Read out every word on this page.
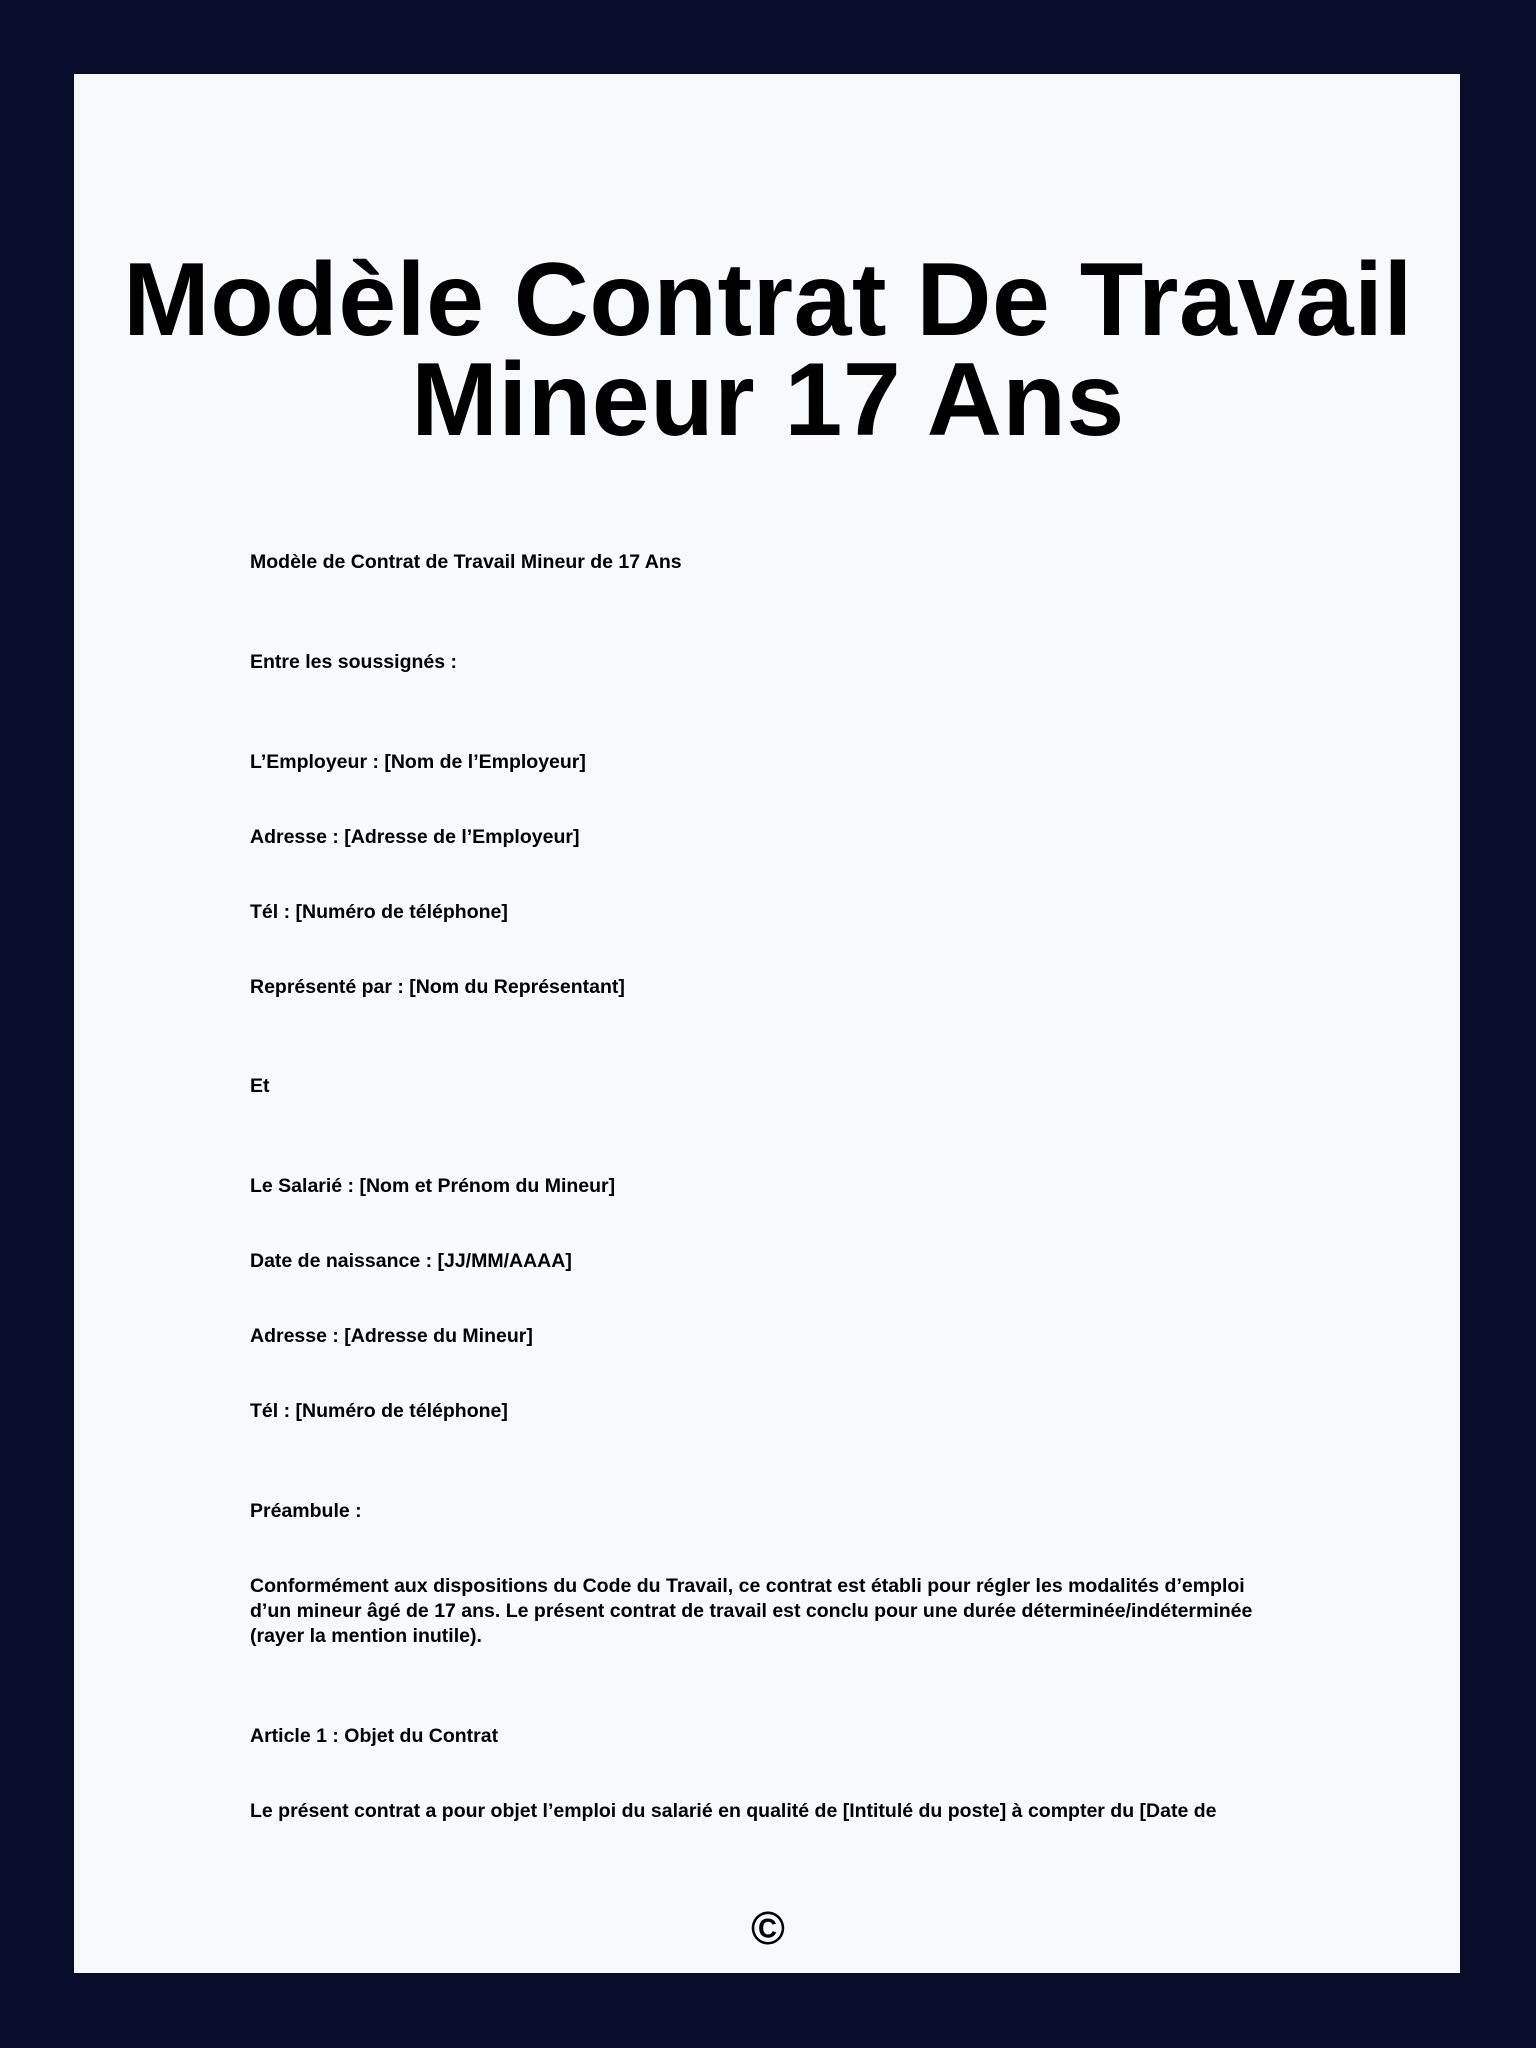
Modèle Contrat De Travail
Mineur 17 Ans
Modèle de Contrat de Travail Mineur de 17 Ans
Entre les soussignés :
L’Employeur : [Nom de l’Employeur]
Adresse : [Adresse de l’Employeur]
Tél : [Numéro de téléphone]
Représenté par : [Nom du Représentant]
Et
Le Salarié : [Nom et Prénom du Mineur]
Date de naissance : [JJ/MM/AAAA]
Adresse : [Adresse du Mineur]
Tél : [Numéro de téléphone]
Préambule :
Conformément aux dispositions du Code du Travail, ce contrat est établi pour régler les modalités d’emploi d’un mineur âgé de 17 ans. Le présent contrat de travail est conclu pour une durée déterminée/indéterminée (rayer la mention inutile).
Article 1 : Objet du Contrat
Le présent contrat a pour objet l’emploi du salarié en qualité de [Intitulé du poste] à compter du [Date de
©
